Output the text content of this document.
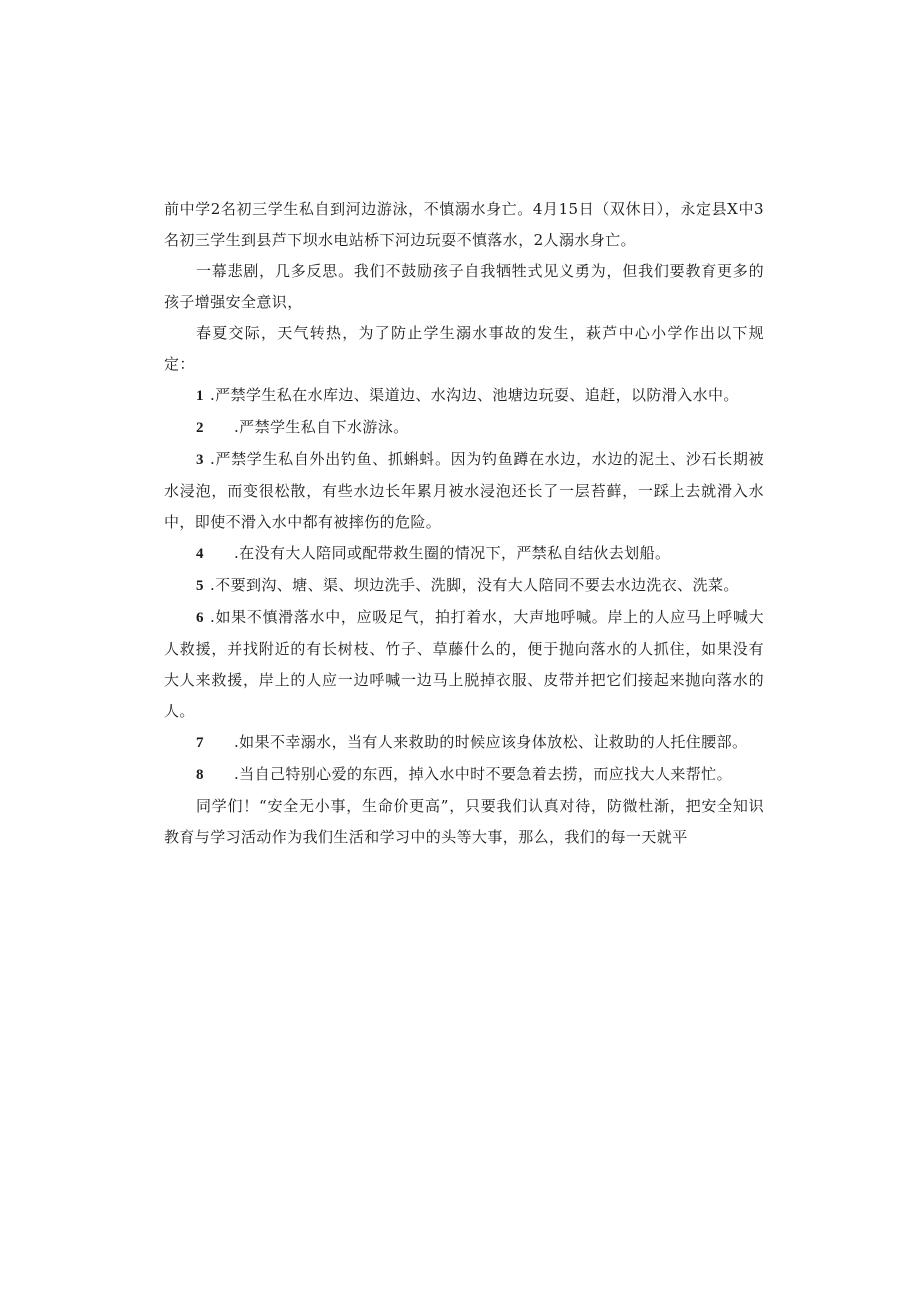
前中学2名初三学生私自到河边游泳，不慎溺水身亡。4月15日（双休日），永定县X中3名初三学生到县芦下坝水电站桥下河边玩耍不慎落水，2人溺水身亡。

一幕悲剧，几多反思。我们不鼓励孩子自我牺牲式见义勇为，但我们要教育更多的孩子增强安全意识，

春夏交际，天气转热，为了防止学生溺水事故的发生，萩芦中心小学作出以下规定：

1 .严禁学生私在水库边、渠道边、水沟边、池塘边玩耍、追赶，以防滑入水中。

2 .严禁学生私自下水游泳。

3 .严禁学生私自外出钓鱼、抓蝌蚪。因为钓鱼蹲在水边，水边的泥土、沙石长期被水浸泡，而变很松散，有些水边长年累月被水浸泡还长了一层苔藓，一踩上去就滑入水中，即使不滑入水中都有被摔伤的危险。

4 .在没有大人陪同或配带救生圈的情况下，严禁私自结伙去划船。

5 .不要到沟、塘、渠、坝边洗手、洗脚，没有大人陪同不要去水边洗衣、洗菜。

6 .如果不慎滑落水中，应吸足气，拍打着水，大声地呼喊。岸上的人应马上呼喊大人救援，并找附近的有长树枝、竹子、草藤什么的，便于抛向落水的人抓住，如果没有大人来救援，岸上的人应一边呼喊一边马上脱掉衣服、皮带并把它们接起来抛向落水的人。

7 .如果不幸溺水，当有人来救助的时候应该身体放松、让救助的人托住腰部。

8 .当自己特别心爱的东西，掉入水中时不要急着去捞，而应找大人来帮忙。

同学们！“安全无小事，生命价更高”，只要我们认真对待，防微杜渐，把安全知识教育与学习活动作为我们生活和学习中的头等大事，那么，我们的每一天就平
